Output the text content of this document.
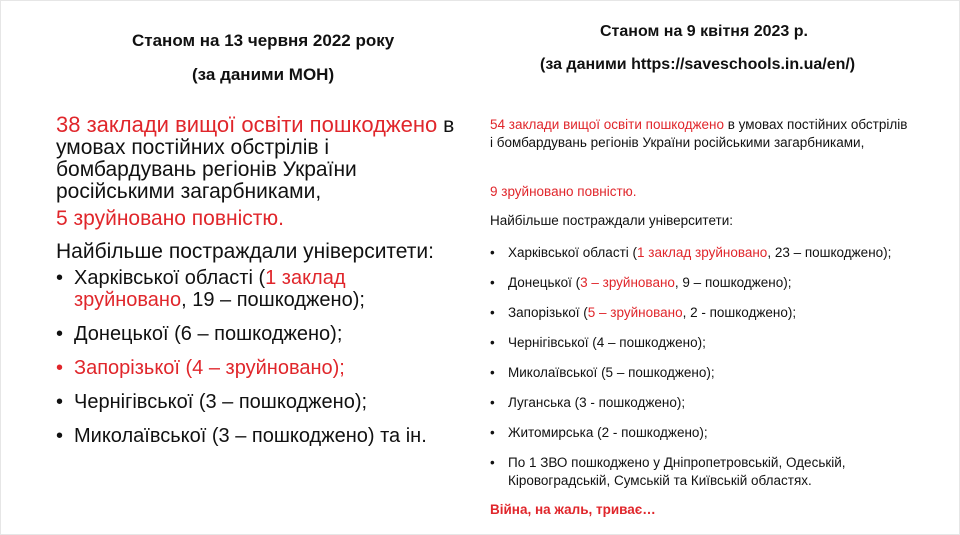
Станом на 13 червня 2022 року
(за даними МОН)
38 заклади вищої освіти пошкоджено в умовах постійних обстрілів і бомбардувань регіонів України російськими загарбниками,
5 зруйновано повністю.
Найбільше постраждали університети:
• Харківської області (1 заклад зруйновано, 19 – пошкоджено);
• Донецької (6 – пошкоджено);
• Запорізької (4 – зруйновано);
• Чернігівської (3 – пошкоджено);
• Миколаївської (3 – пошкоджено) та ін.
Станом на 9 квітня 2023 р.
(за даними https://saveschools.in.ua/en/)
54 заклади вищої освіти пошкоджено в умовах постійних обстрілів і бомбардувань регіонів України російськими загарбниками,
9 зруйновано повністю.
Найбільше постраждали університети:
• Харківської області (1 заклад зруйновано, 23 – пошкоджено);
• Донецької (3 – зруйновано, 9 – пошкоджено);
• Запорізької (5 – зруйновано, 2 - пошкоджено);
• Чернігівської (4 – пошкоджено);
• Миколаївської (5 – пошкоджено);
• Луганська (3 - пошкоджено);
• Житомирська (2 - пошкоджено);
• По 1 ЗВО пошкоджено у Дніпропетровській, Одеській, Кіровоградській, Сумській та Київській областях.
Війна, на жаль, триває…
